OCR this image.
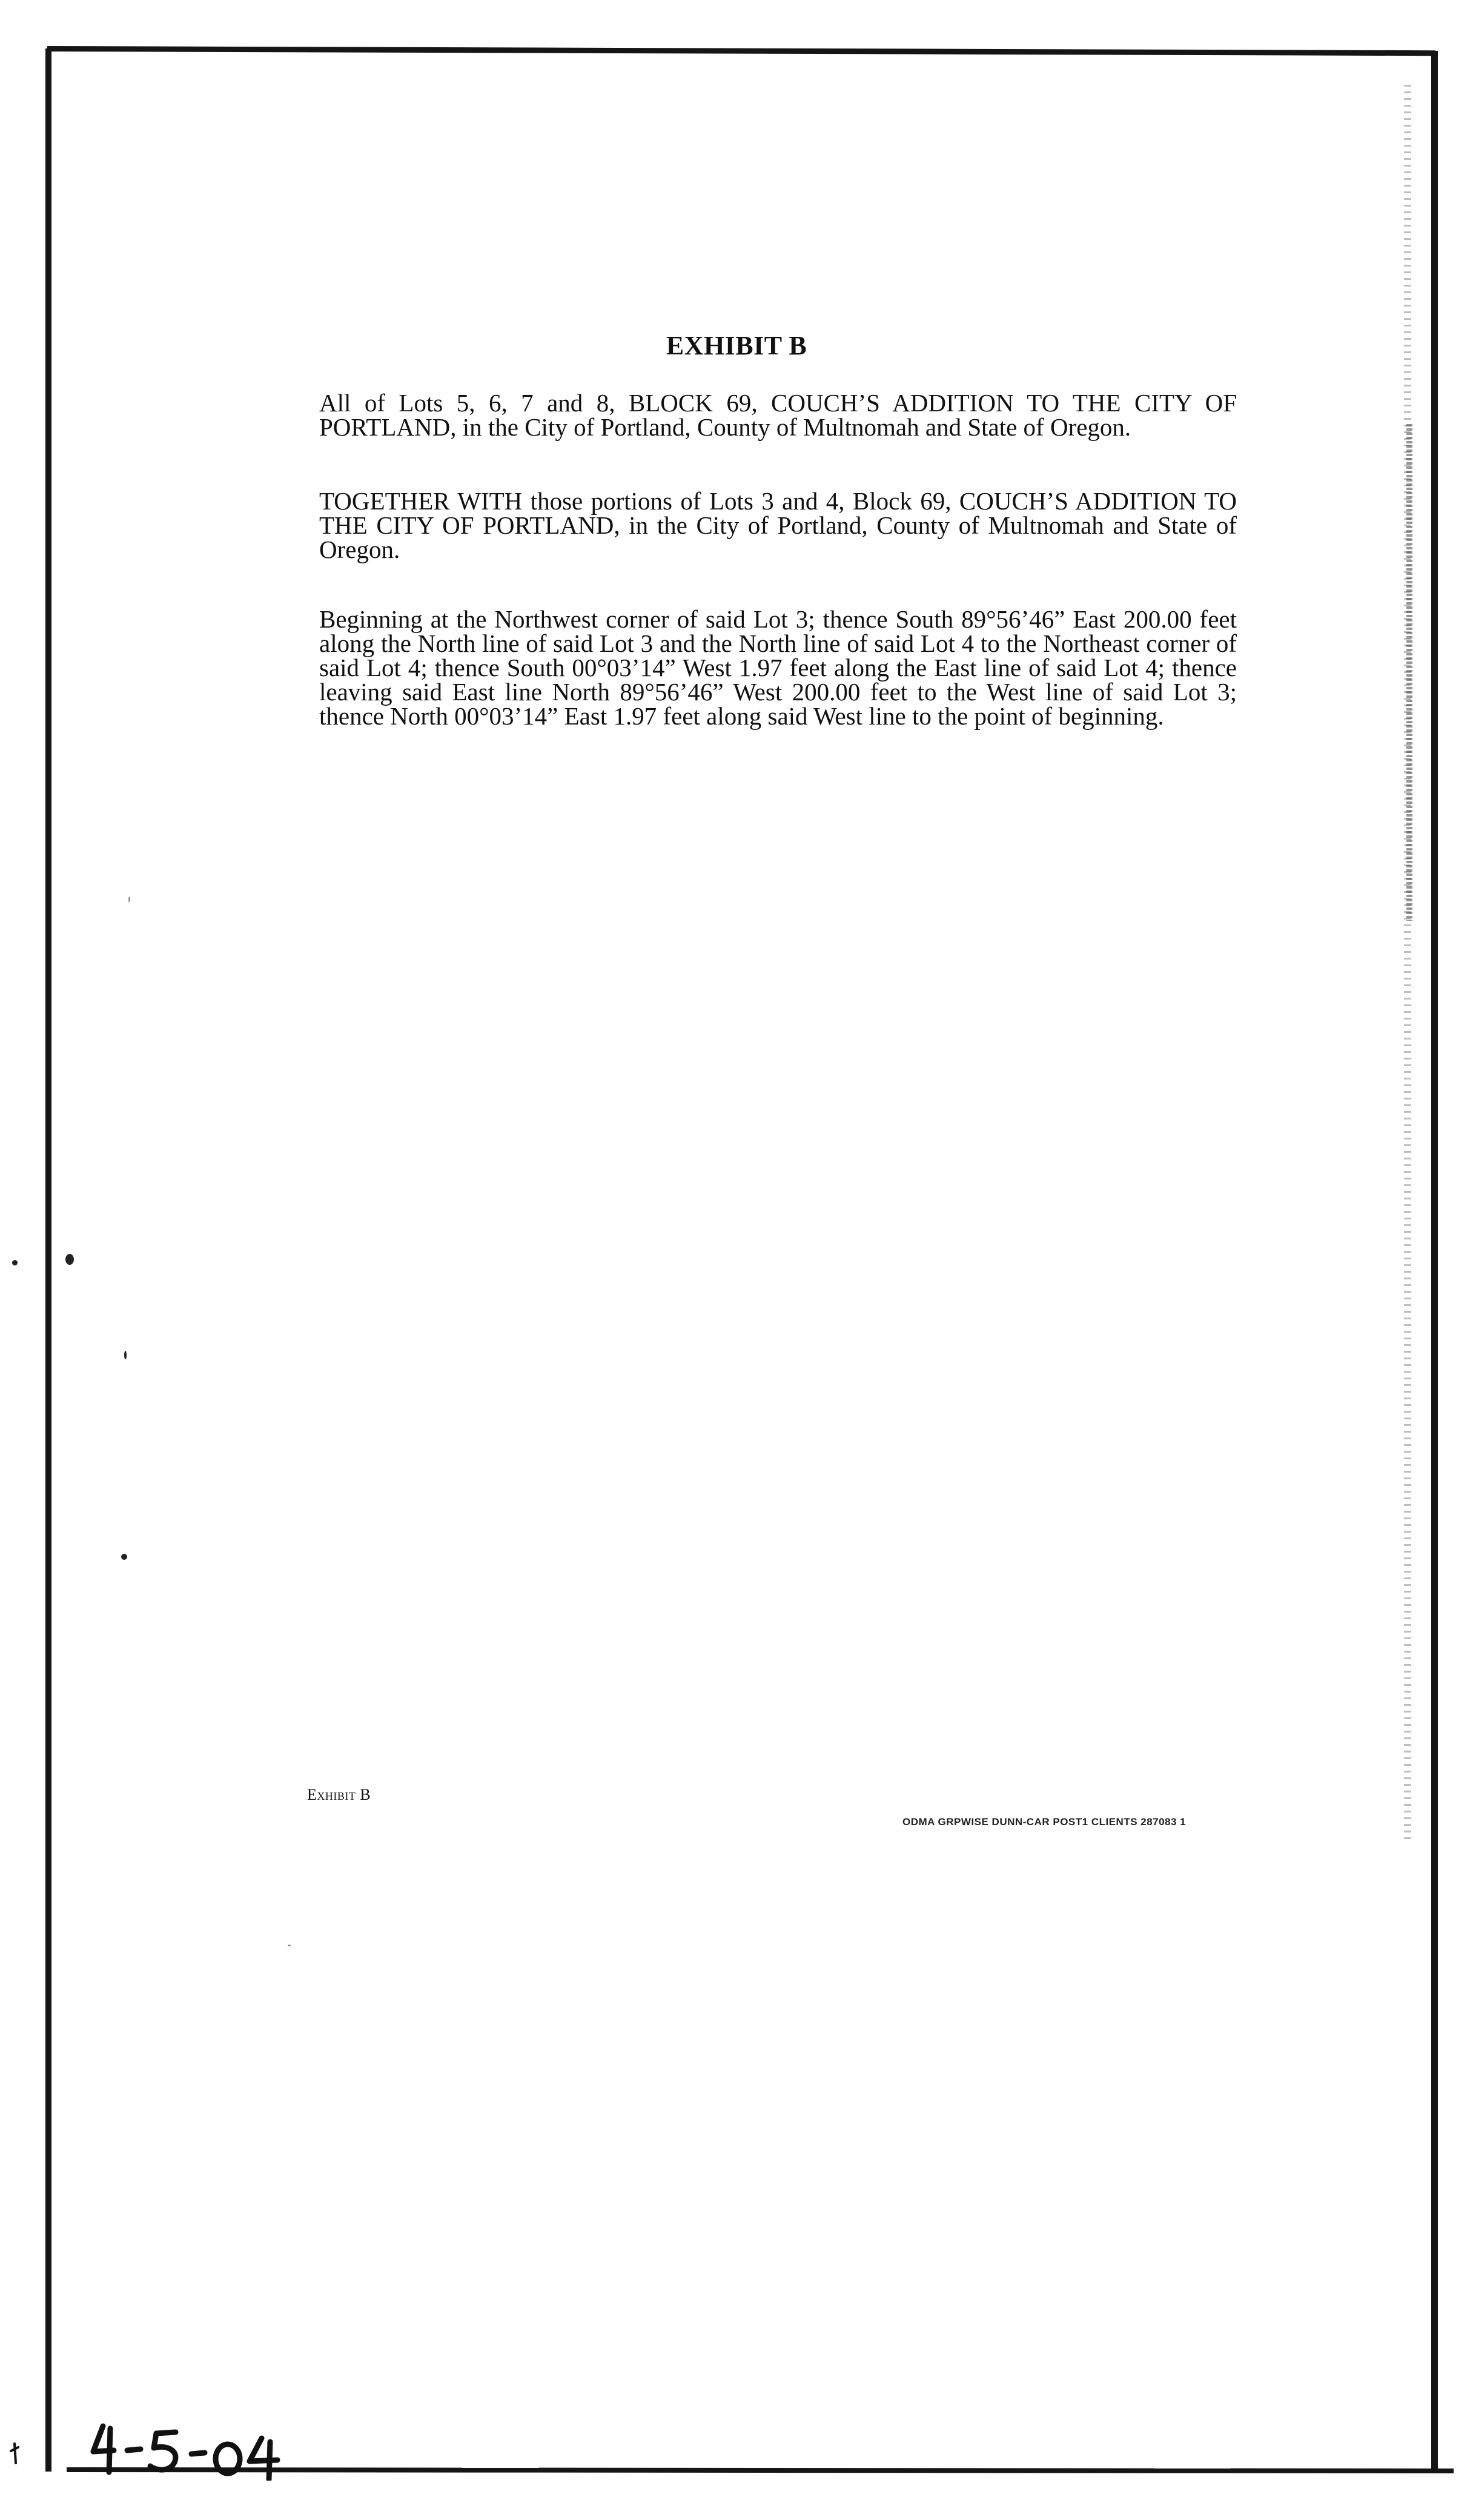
EXHIBIT B
All of Lots 5, 6, 7 and 8, BLOCK 69, COUCH’S ADDITION TO THE CITY OF PORTLAND, in the City of Portland, County of Multnomah and State of Oregon.
TOGETHER WITH those portions of Lots 3 and 4, Block 69, COUCH’S ADDITION TO THE CITY OF PORTLAND, in the City of Portland, County of Multnomah and State of Oregon.
Beginning at the Northwest corner of said Lot 3; thence South 89°56’46” East 200.00 feet along the North line of said Lot 3 and the North line of said Lot 4 to the Northeast corner of said Lot 4; thence South 00°03’14” West 1.97 feet along the East line of said Lot 4; thence leaving said East line North 89°56’46” West 200.00 feet to the West line of said Lot 3; thence North 00°03’14” East 1.97 feet along said West line to the point of beginning.
Exhibit B
ODMA GRPWISE DUNN-CAR POST1 CLIENTS 287083 1
